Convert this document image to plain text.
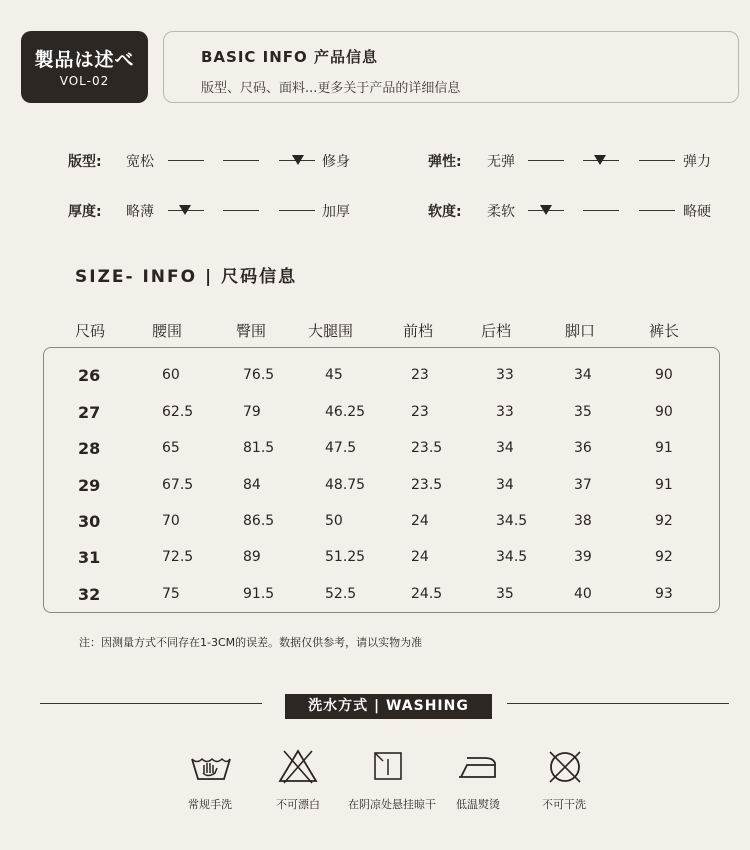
製品は述べ
VOL-02
BASIC INFO 产品信息
版型、尺码、面料...更多关于产品的详细信息
版型: 宽松	修身	弹性: 无弹	弹力
厚度: 略薄	加厚	软度: 柔软	略硬
SIZE- INFO | 尺码信息
尺码	腰围	臀围	大腿围	前档	后档	脚口	裤长
26	60	76.5	45	23	33	34	90
27	62.5	79	46.25	23	33	35	90
28	65	81.5	47.5	23.5	34	36	91
29	67.5	84	48.75	23.5	34	37	91
30	70	86.5	50	24	34.5	38	92
31	72.5	89	51.25	24	34.5	39	92
32	75	91.5	52.5	24.5	35	40	93
注：因测量方式不同存在1-3CM的误差。数据仅供参考，请以实物为准
洗水方式 | WASHING
常规手洗	不可漂白	在阴凉处悬挂晾干	低温熨烫	不可干洗
